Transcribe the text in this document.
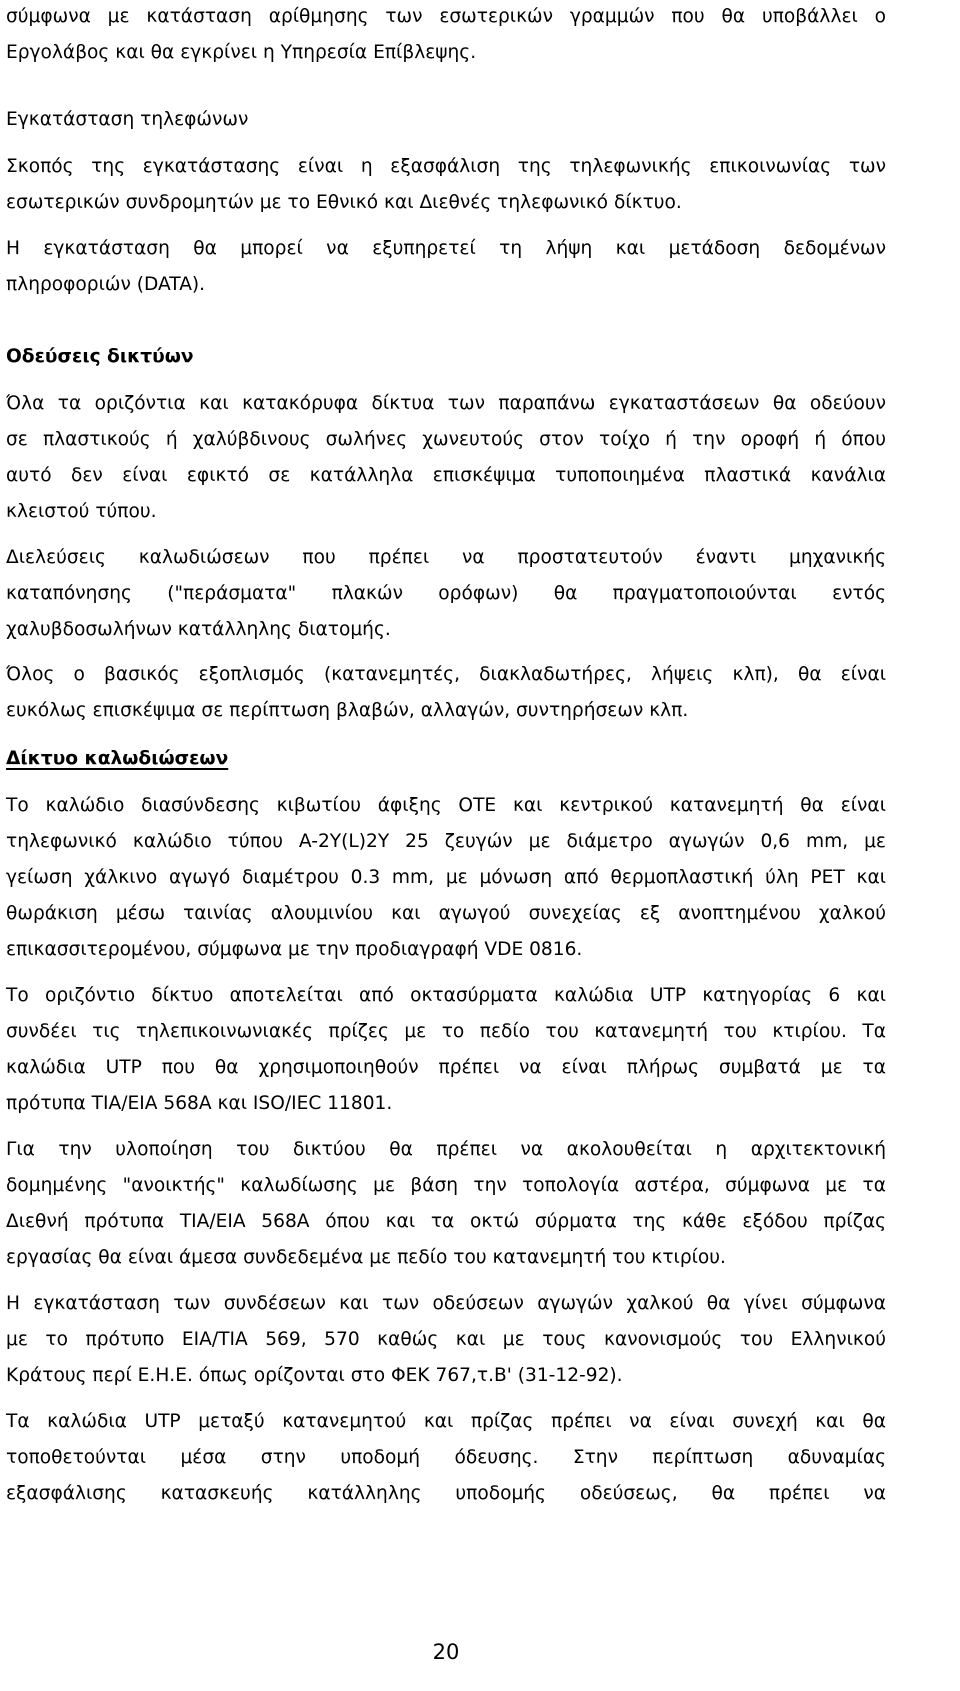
σύμφωνα με κατάσταση αρίθμησης των εσωτερικών γραμμών που θα υποβάλλει ο
Εργολάβος και θα εγκρίνει η Υπηρεσία Επίβλεψης.
Εγκατάσταση τηλεφώνων
Σκοπός της εγκατάστασης είναι η εξασφάλιση της τηλεφωνικής επικοινωνίας των
εσωτερικών συνδρομητών με το Εθνικό και Διεθνές τηλεφωνικό δίκτυο.
Η εγκατάσταση θα μπορεί να εξυπηρετεί τη λήψη και μετάδοση δεδομένων
πληροφοριών (DATA).
Οδεύσεις δικτύων
Όλα τα οριζόντια και κατακόρυφα δίκτυα των παραπάνω εγκαταστάσεων θα οδεύουν
σε πλαστικούς ή χαλύβδινους σωλήνες χωνευτούς στον τοίχο ή την οροφή ή όπου
αυτό δεν είναι εφικτό σε κατάλληλα επισκέψιμα τυποποιημένα πλαστικά κανάλια
κλειστού τύπου.
Διελεύσεις καλωδιώσεων που πρέπει να προστατευτούν έναντι μηχανικής
καταπόνησης ("περάσματα" πλακών ορόφων) θα πραγματοποιούνται εντός
χαλυβδοσωλήνων κατάλληλης διατομής.
Όλος ο βασικός εξοπλισμός (κατανεμητές, διακλαδωτήρες, λήψεις κλπ), θα είναι
ευκόλως επισκέψιμα σε περίπτωση βλαβών, αλλαγών, συντηρήσεων κλπ.
Δίκτυο καλωδιώσεων
Το καλώδιο διασύνδεσης κιβωτίου άφιξης ΟΤΕ και κεντρικού κατανεμητή θα είναι
τηλεφωνικό καλώδιο τύπου A-2Y(L)2Y 25 ζευγών με διάμετρο αγωγών 0,6 mm, με
γείωση χάλκινο αγωγό διαμέτρου 0.3 mm, με μόνωση από θερμοπλαστική ύλη PET και
θωράκιση μέσω ταινίας αλουμινίου και αγωγού συνεχείας εξ ανοπτημένου χαλκού
επικασσιτερομένου, σύμφωνα με την προδιαγραφή VDE 0816.
Το οριζόντιο δίκτυο αποτελείται από οκτασύρματα καλώδια UTP κατηγορίας 6 και
συνδέει τις τηλεπικοινωνιακές πρίζες με το πεδίο του κατανεμητή του κτιρίου. Τα
καλώδια UTP που θα χρησιμοποιηθούν πρέπει να είναι πλήρως συμβατά με τα
πρότυπα TIA/EIA 568A και ISO/IEC 11801.
Για την υλοποίηση του δικτύου θα πρέπει να ακολουθείται η αρχιτεκτονική
δομημένης "ανοικτής" καλωδίωσης με βάση την τοπολογία αστέρα, σύμφωνα με τα
Διεθνή πρότυπα TIA/EIA 568A όπου και τα οκτώ σύρματα της κάθε εξόδου πρίζας
εργασίας θα είναι άμεσα συνδεδεμένα με πεδίο του κατανεμητή του κτιρίου.
Η εγκατάσταση των συνδέσεων και των οδεύσεων αγωγών χαλκού θα γίνει σύμφωνα
με το πρότυπο EIA/TIA 569, 570 καθώς και με τους κανονισμούς του Ελληνικού
Κράτους περί Ε.Η.Ε. όπως ορίζονται στο ΦΕΚ 767,τ.Β' (31-12-92).
Τα καλώδια UTP μεταξύ κατανεμητού και πρίζας πρέπει να είναι συνεχή και θα
τοποθετούνται μέσα στην υποδομή όδευσης. Στην περίπτωση αδυναμίας
εξασφάλισης κατασκευής κατάλληλης υποδομής οδεύσεως, θα πρέπει να
20
